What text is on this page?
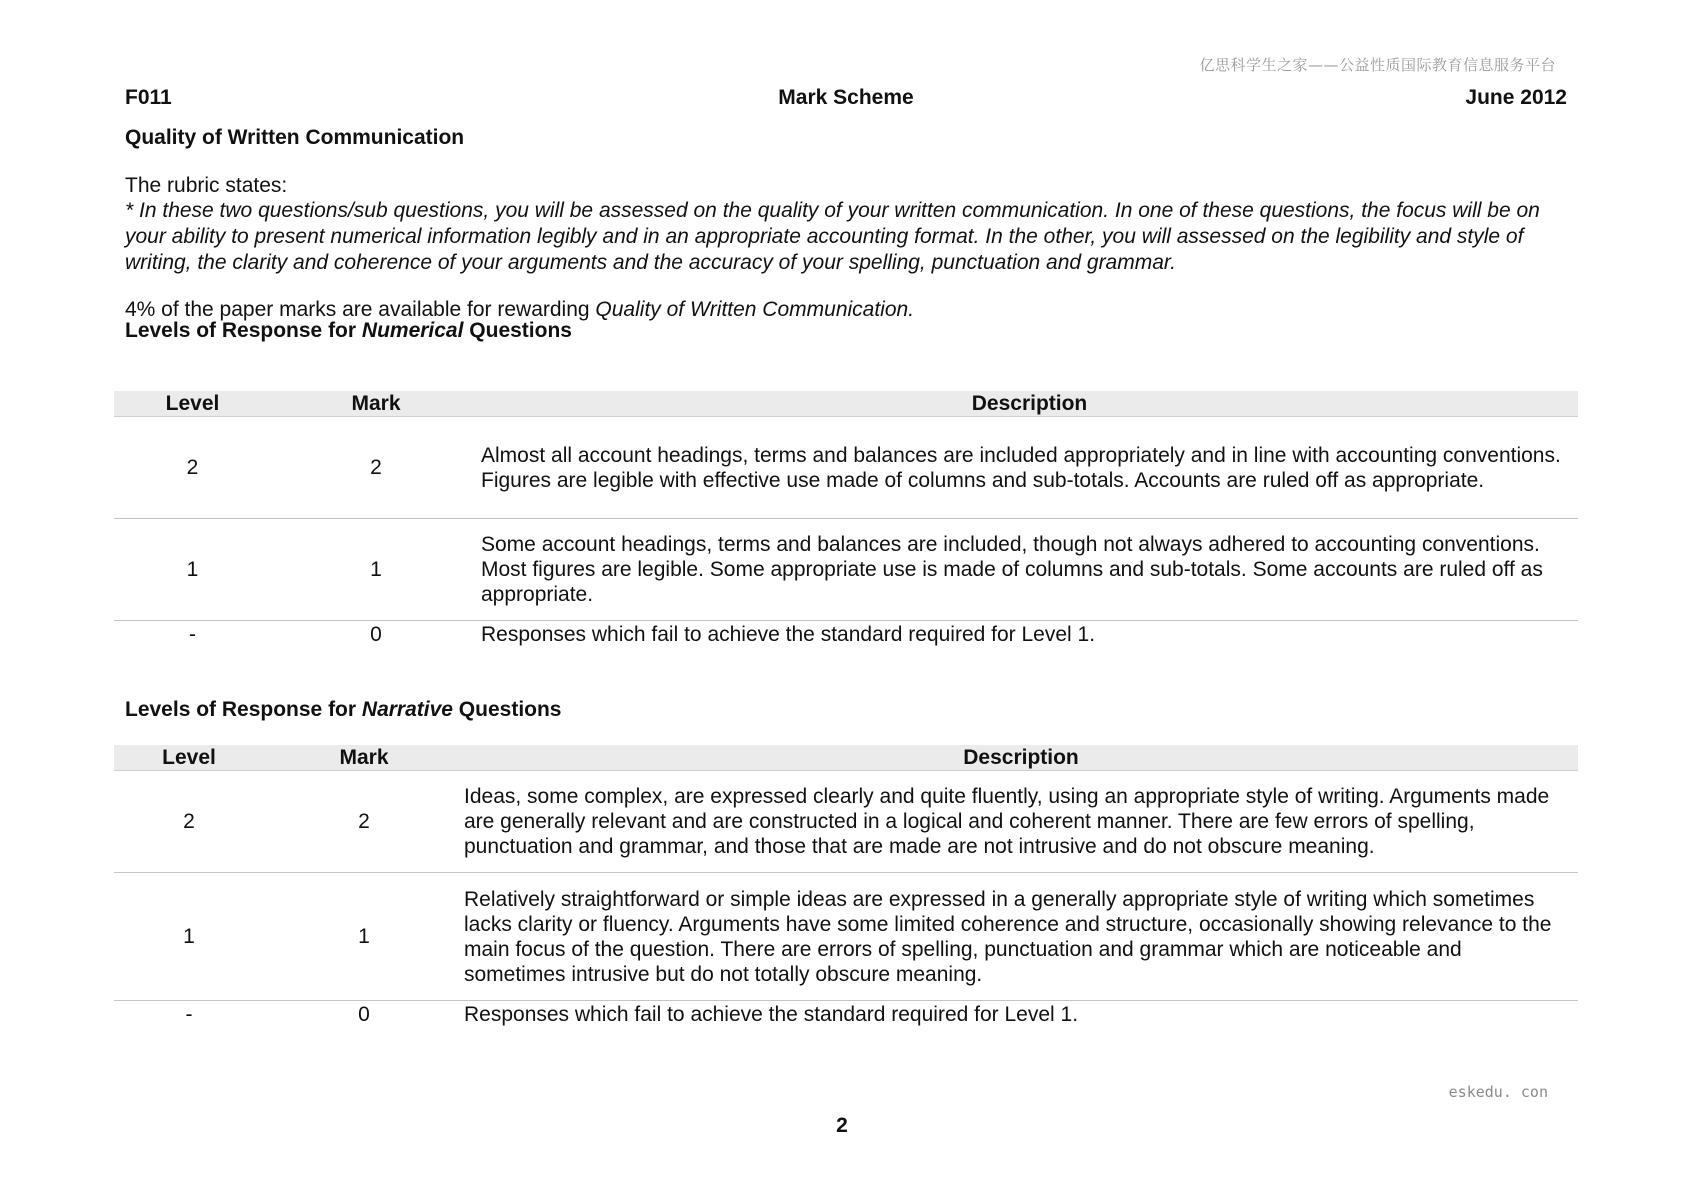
亿思科学生之家——公益性质国际教育信息服务平台
F011	Mark Scheme	June 2012

Quality of Written Communication

The rubric states:

* In these two questions/sub questions, you will be assessed on the quality of your written communication. In one of these questions, the focus will be on your ability to present numerical information legibly and in an appropriate accounting format. In the other, you will assessed on the legibility and style of writing, the clarity and coherence of your arguments and the accuracy of your spelling, punctuation and grammar.

4% of the paper marks are available for rewarding Quality of Written Communication.

Levels of Response for Numerical Questions

Level	Mark	Description
2	2	Almost all account headings, terms and balances are included appropriately and in line with accounting conventions. Figures are legible with effective use made of columns and sub-totals. Accounts are ruled off as appropriate.
1	1	Some account headings, terms and balances are included, though not always adhered to accounting conventions. Most figures are legible. Some appropriate use is made of columns and sub-totals. Some accounts are ruled off as appropriate.
-	0	Responses which fail to achieve the standard required for Level 1.

Levels of Response for Narrative Questions

Level	Mark	Description
2	2	Ideas, some complex, are expressed clearly and quite fluently, using an appropriate style of writing. Arguments made are generally relevant and are constructed in a logical and coherent manner. There are few errors of spelling, punctuation and grammar, and those that are made are not intrusive and do not obscure meaning.
1	1	Relatively straightforward or simple ideas are expressed in a generally appropriate style of writing which sometimes lacks clarity or fluency. Arguments have some limited coherence and structure, occasionally showing relevance to the main focus of the question. There are errors of spelling, punctuation and grammar which are noticeable and sometimes intrusive but do not totally obscure meaning.
-	0	Responses which fail to achieve the standard required for Level 1.
eskedu. con
2
